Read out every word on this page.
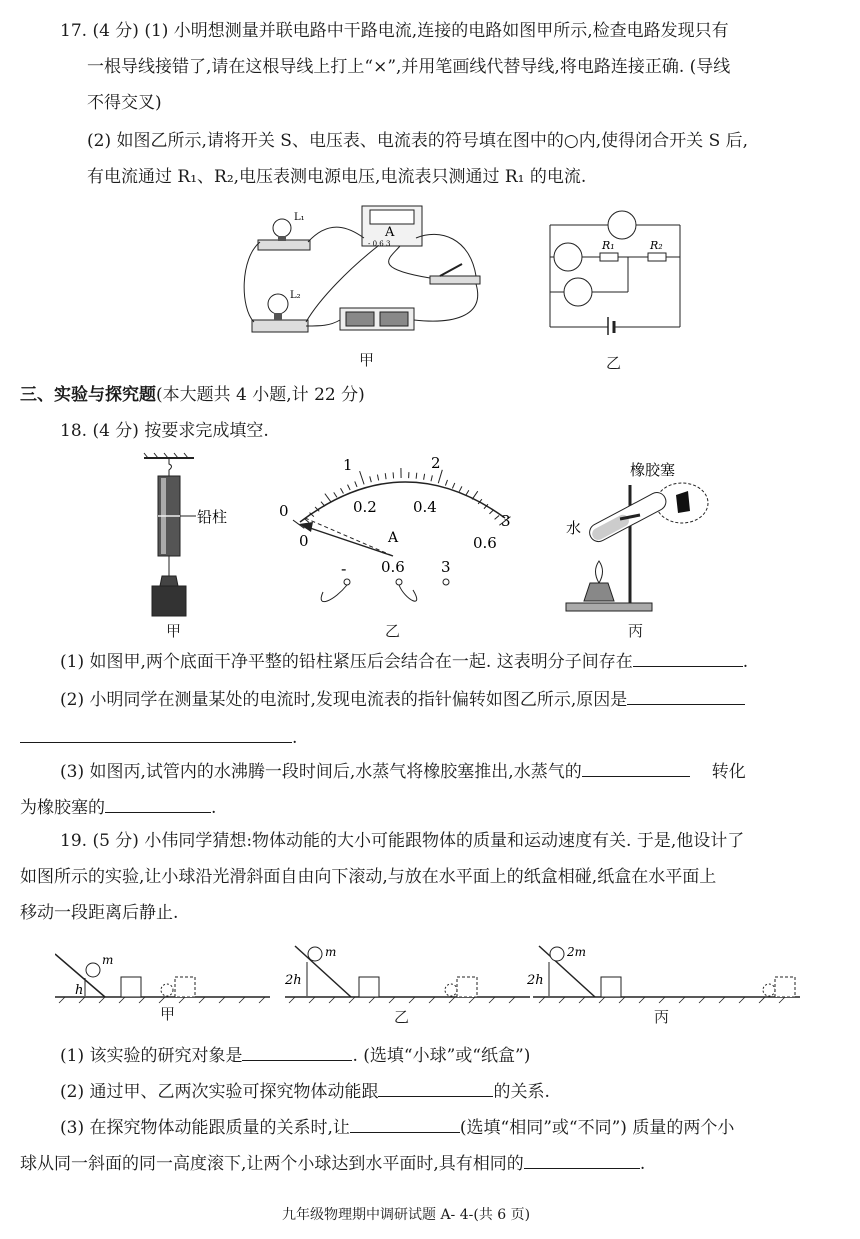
17. (4 分) (1) 小明想测量并联电路中干路电流,连接的电路如图甲所示,检查电路发现只有
一根导线接错了,请在这根导线上打上“×”,并用笔画线代替导线,将电路连接正确. (导线
不得交叉)
(2) 如图乙所示,请将开关 S、电压表、电流表的符号填在图中的○内,使得闭合开关 S 后,
有电流通过 R₁、R₂,电压表测电源电压,电流表只测通过 R₁ 的电流.
L₁
L₂
A
- 0.6 3
甲
R₁	R₂
乙
三、实验与探究题(本大题共 4 小题,计 22 分)
18. (4 分) 按要求完成填空.
铅柱
甲
1	2
0
3
0
0.2 0.4
0.6
A
- 0.6 3
乙
橡胶塞
水
丙
(1) 如图甲,两个底面干净平整的铅柱紧压后会结合在一起. 这表明分子间存在	.
(2) 小明同学在测量某处的电流时,发现电流表的指针偏转如图乙所示,原因是
.
(3) 如图丙,试管内的水沸腾一段时间后,水蒸气将橡胶塞推出,水蒸气的	转化
为橡胶塞的	.
19. (5 分) 小伟同学猜想:物体动能的大小可能跟物体的质量和运动速度有关. 于是,他设计了
如图所示的实验,让小球沿光滑斜面自由向下滚动,与放在水平面上的纸盒相碰,纸盒在水平面上
移动一段距离后静止.
m
h
m
2h
2m
2h
甲	乙	丙
(1) 该实验的研究对象是	. (选填“小球”或“纸盒”)
(2) 通过甲、乙两次实验可探究物体动能跟	的关系.
(3) 在探究物体动能跟质量的关系时,让	(选填“相同”或“不同”) 质量的两个小
球从同一斜面的同一高度滚下,让两个小球达到水平面时,具有相同的	.
九年级物理期中调研试题 A- 4-(共 6 页)
